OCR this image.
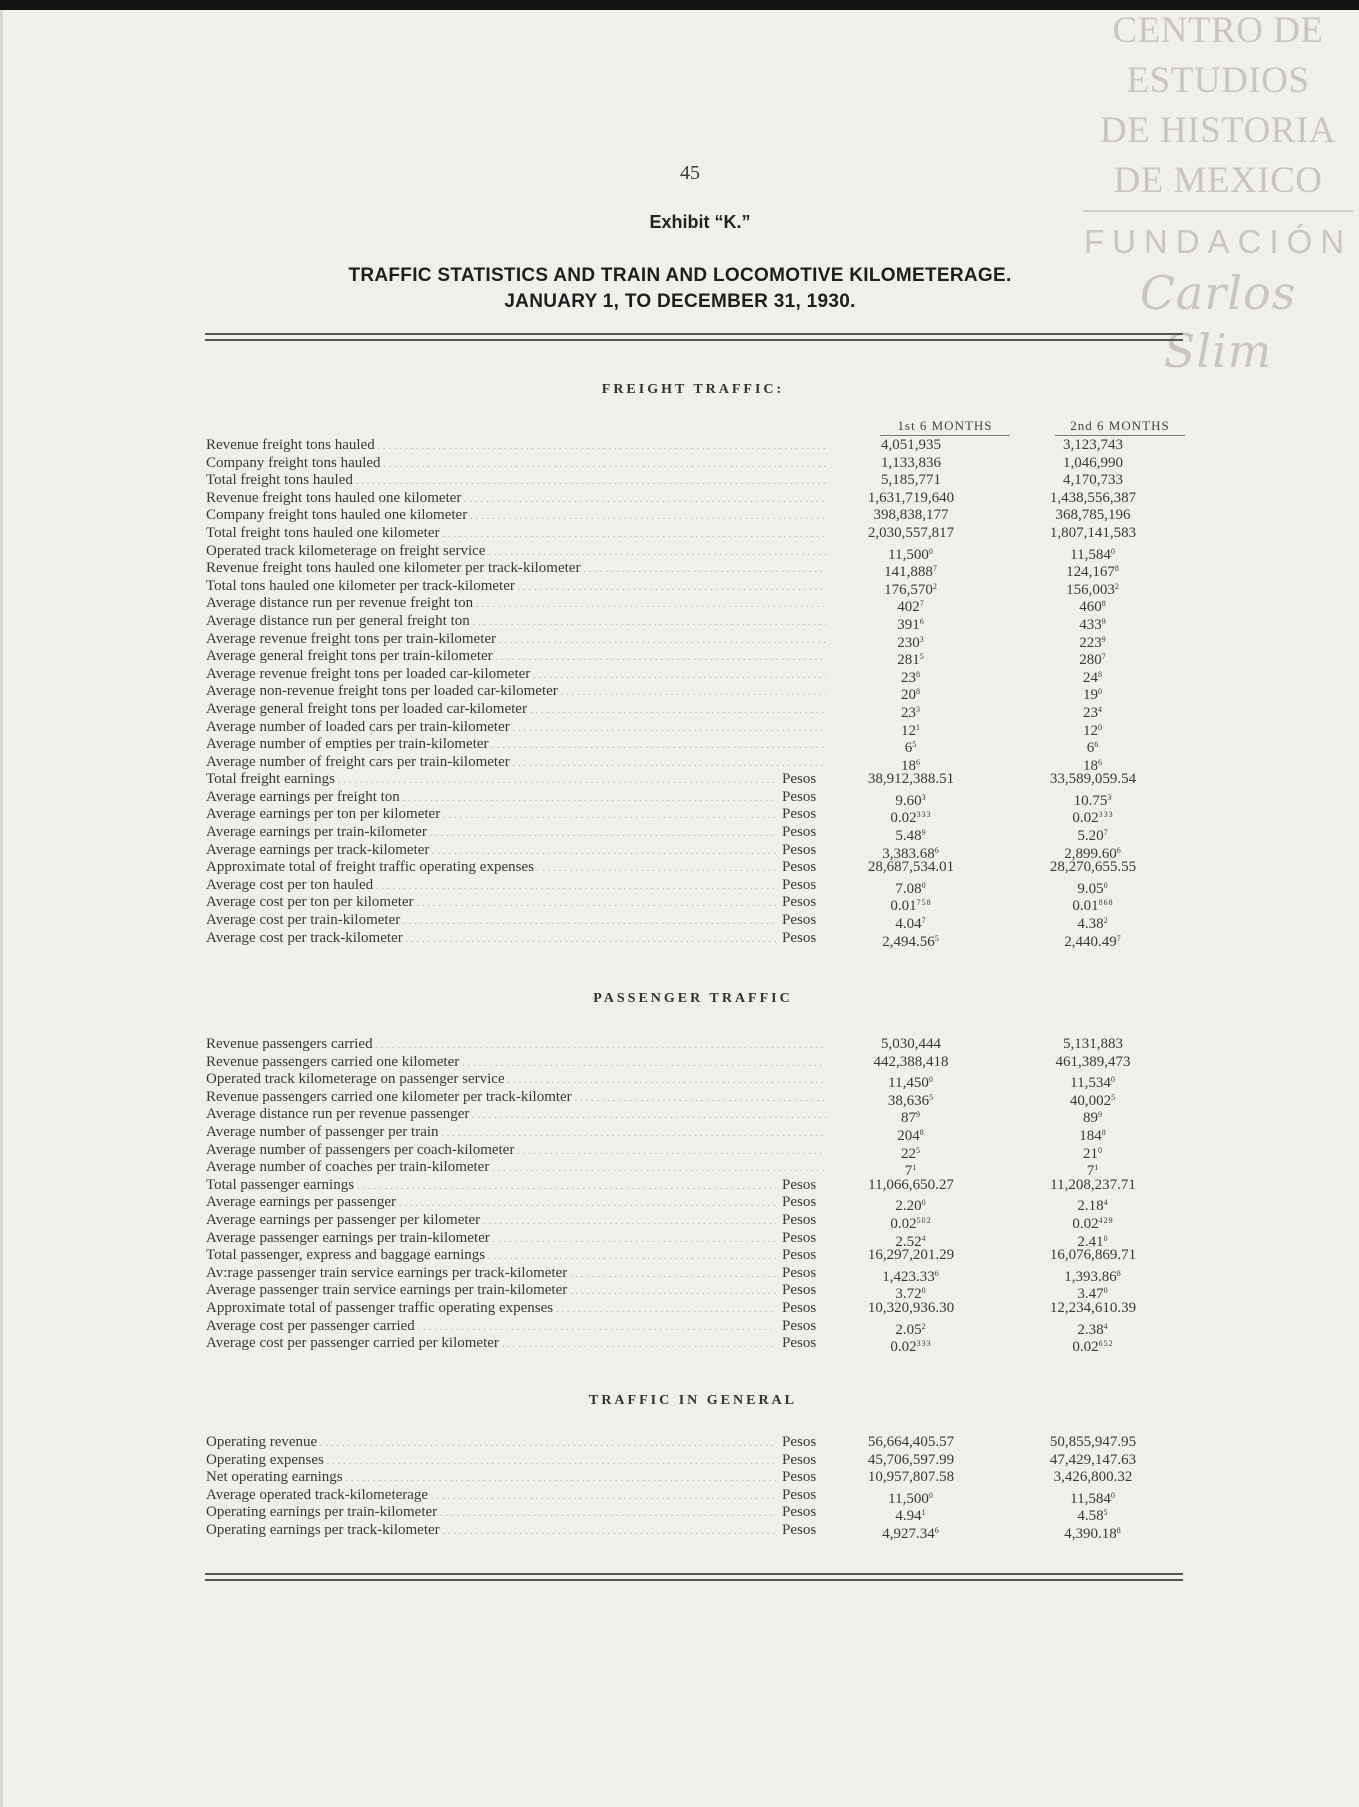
CENTRO DE
ESTUDIOS
DE HISTORIA
DE MEXICO
FUNDACIÓN
Carlos Slim
45
Exhibit “K.”
TRAFFIC STATISTICS AND TRAIN AND LOCOMOTIVE KILOMETERAGE.
JANUARY 1, TO DECEMBER 31, 1930.
FREIGHT TRAFFIC:
1st 6 MONTHS	2nd 6 MONTHS
Revenue freight tons hauled . . .	4,051,935	3,123,743
Company freight tons hauled . . .	1,133,836	1,046,990
Total freight tons hauled . . .	5,185,771	4,170,733
Revenue freight tons hauled one kilometer . . .	1,631,719,640	1,438,556,387
Company freight tons hauled one kilometer . . .	398,838,177	368,785,196
Total freight tons hauled one kilometer . . .	2,030,557,817	1,807,141,583
Operated track kilometerage on freight service . . .	11,500$^0$	11,584$^0$
Revenue freight tons hauled one kilometer per track-kilometer . . .	141,888$^7$	124,167$^8$
Total tons hauled one kilometer per track-kilometer . . .	176,570$^2$	156,003$^2$
Average distance run per revenue freight ton . . .	$402^7$	$460^8$
Average distance run per general freight ton . . .	$391^6$	$433^9$
Average revenue freight tons per train-kilometer . . .	$230^3$	$223^9$
Average general freight tons per train-kilometer . . .	$281^5$	$280^7$
Average revenue freight tons per loaded car-kilometer . . .	$23^8$	$24^8$
Average non-revenue freight tons per loaded car-kilometer . . .	$20^8$	$19^0$
Average general freight tons per loaded car-kilometer . . .	$23^3$	$23^4$
Average number of loaded cars per train-kilometer . . .	$12^1$	$12^0$
Average number of empties per train-kilometer . . .	$6^5$	$6^6$
Average number of freight cars per train-kilometer . . .	$18^6$	$18^6$
Total freight earnings . . .	Pesos	38,912,388.51	33,589,059.54
Average earnings per freight ton . . .	Pesos	9.60$^3$	10.75$^3$
Average earnings per ton per kilometer . . .	Pesos	0.02$^{333}$	0.02$^{333}$
Average earnings per train-kilometer . . .	Pesos	5.48$^9$	5.20$^7$
Average earnings per track-kilometer . . .	Pesos	3,383.68$^6$	2,899.60$^6$
Approximate total of freight traffic operating expenses . . .	Pesos	28,687,534.01	28,270,655.55
Average cost per ton hauled . . .	Pesos	7.08$^0$	9.05$^0$
Average cost per ton per kilometer . . .	Pesos	0.01$^{758}$	0.01$^{868}$
Average cost per train-kilometer . . .	Pesos	4.04$^7$	4.38$^2$
Average cost per track-kilometer . . .	Pesos	2,494.56$^5$	2,440.49$^7$
PASSENGER TRAFFIC
Revenue passengers carried . . .	5,030,444	5,131,883
Revenue passengers carried one kilometer . . .	442,388,418	461,389,473
Operated track kilometerage on passenger service . . .	11,450$^0$	11,534$^0$
Revenue passengers carried one kilometer per track-kilomter . . .	38,636$^5$	40,002$^5$
Average distance run per revenue passenger . . .	$87^9$	$89^9$
Average number of passenger per train . . .	$204^8$	$184^8$
Average number of passengers per coach-kilometer . . .	$22^5$	$21^0$
Average number of coaches per train-kilometer . . .	$7^1$	$7^1$
Total passenger earnings . . .	Pesos	11,066,650.27	11,208,237.71
Average earnings per passenger . . .	Pesos	2.20$^0$	2.18$^4$
Average earnings per passenger per kilometer . . .	Pesos	0.02$^{502}$	0.02$^{429}$
Average passenger earnings per train-kilometer . . .	Pesos	2.52$^4$	2.41$^0$
Total passenger, express and baggage earnings . . .	Pesos	16,297,201.29	16,076,869.71
Av:rage passenger train service earnings per track-kilometer . . .	Pesos	1,423.33$^6$	1,393.86$^8$
Average passenger train service earnings per train-kilometer . . .	Pesos	3.72$^0$	3.47$^0$
Approximate total of passenger traffic operating expenses . . .	Pesos	10,320,936.30	12,234,610.39
Average cost per passenger carried . . .	Pesos	2.05$^2$	2.38$^4$
Average cost per passenger carried per kilometer . . .	Pesos	0.02$^{333}$	0.02$^{652}$
TRAFFIC IN GENERAL
Operating revenue . . .	Pesos	56,664,405.57	50,855,947.95
Operating expenses . . .	Pesos	45,706,597.99	47,429,147.63
Net operating earnings . . .	Pesos	10,957,807.58	3,426,800.32
Average operated track-kilometerage . . .	Pesos	11,500$^0$	11,584$^0$
Operating earnings per train-kilometer . . .	Pesos	4.94$^1$	4.58$^5$
Operating earnings per track-kilometer . . .	Pesos	4,927.34$^6$	4,390.18$^8$
